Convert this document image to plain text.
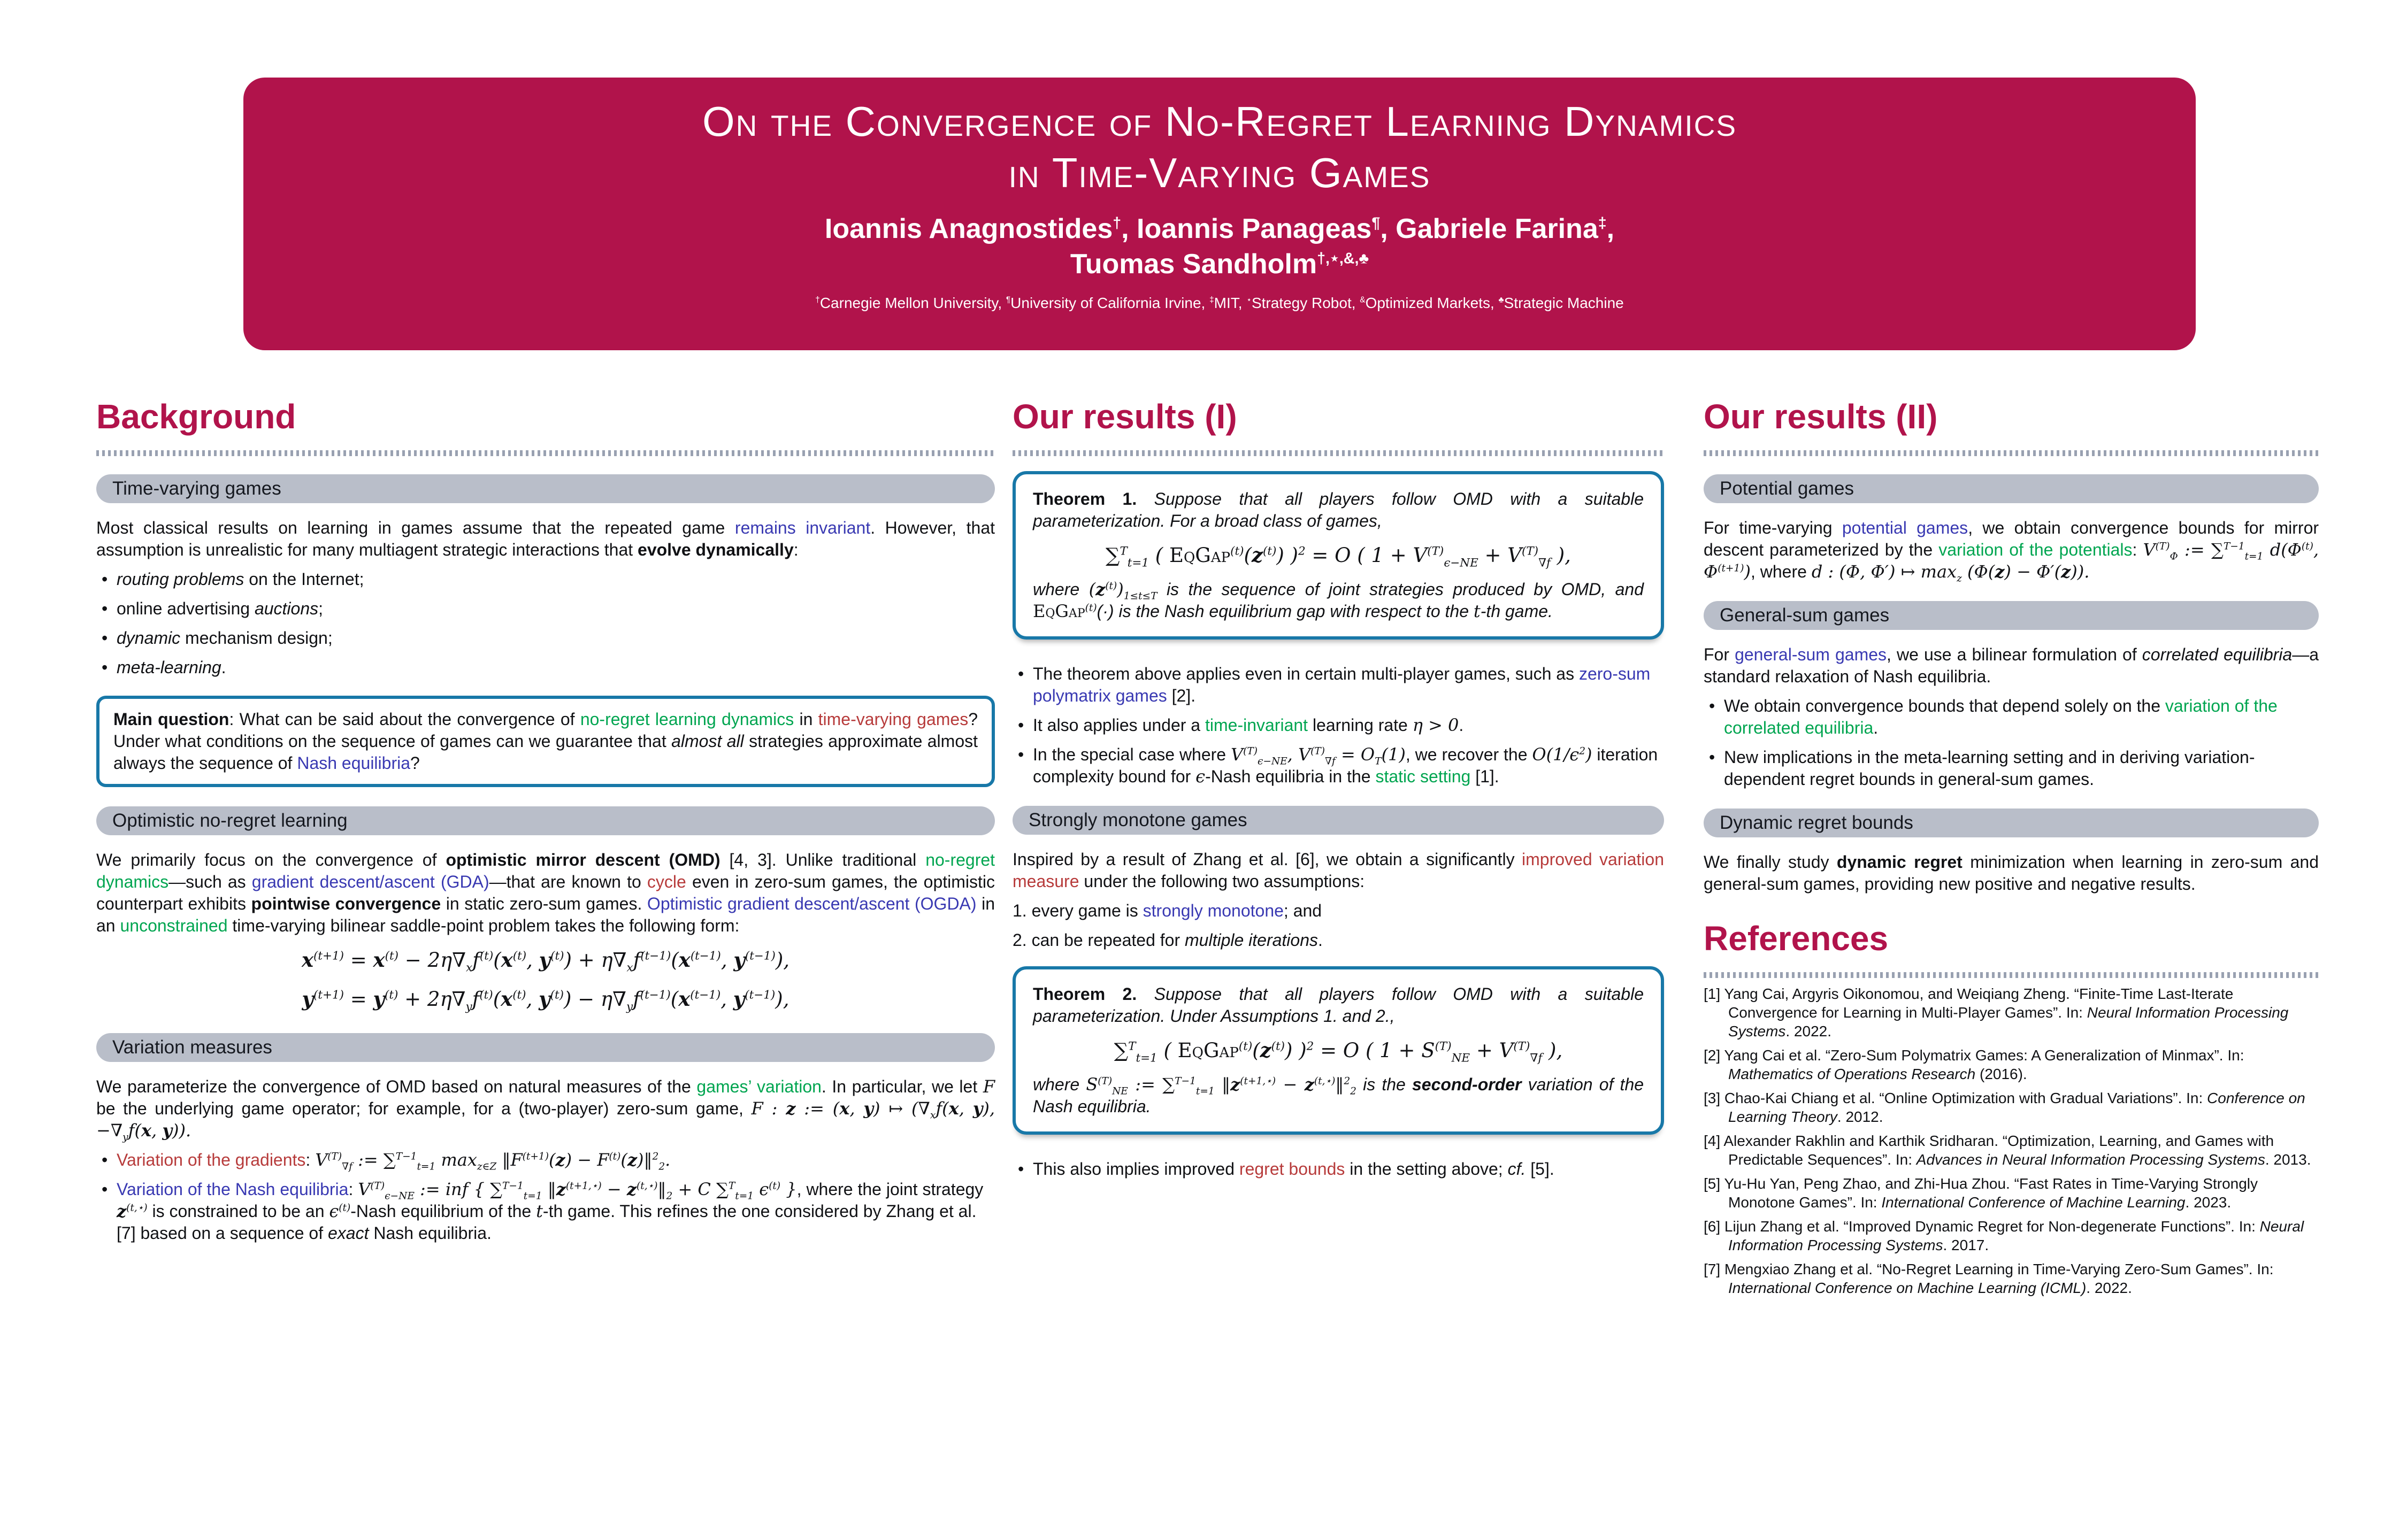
On the Convergence of No-Regret Learning Dynamics
in Time-Varying Games
Ioannis Anagnostides†, Ioannis Panageas¶, Gabriele Farina‡,
Tuomas Sandholm†,⋆,&,♣
†Carnegie Mellon University, ¶University of California Irvine, ‡MIT, ⋆Strategy Robot, &Optimized Markets, ♣Strategic Machine
Background
Time-varying games

Most classical results on learning in games assume that the repeated game remains invariant. However, that assumption is unrealistic for many multiagent strategic interactions that evolve dynamically:

• routing problems on the Internet;
• online advertising auctions;
• dynamic mechanism design;
• meta-learning.

Main question: What can be said about the convergence of no-regret learning dynamics in time-varying games? Under what conditions on the sequence of games can we guarantee that almost all strategies approximate almost always the sequence of Nash equilibria?

Optimistic no-regret learning

We primarily focus on the convergence of optimistic mirror descent (OMD) [4, 3]. Unlike traditional no-regret dynamics—such as gradient descent/ascent (GDA)—that are known to cycle even in zero-sum games, the optimistic counterpart exhibits pointwise convergence in static zero-sum games. Optimistic gradient descent/ascent (OGDA) in an unconstrained time-varying bilinear saddle-point problem takes the following form:

$x^{(t+1)} = x^{(t)} - 2\eta\nabla_xf^{(t)}(x^{(t)}$, $y^{(t)}) + \eta\nabla_xf^{(t-1)}(x^{(t-1)}$, $y^{(t-1)}$),
$y^{(t+1)} = y^{(t)} + 2\eta\nabla_yf^{(t)}(x^{(t)}$, $y^{(t)}) - \eta\nabla_yf^{(t-1)}(x^{(t-1)}$, $y^{(t-1)}$),
Variation measures

We parameterize the convergence of OMD based on natural measures of the games’ variation. In particular, we let F be the underlying game operator; for example, for a (two-player) zero-sum game, F : z := (x, y) ↦ ($\nabla_xf(x$, y), $-\nabla_yf(x$, y)).

• Variation of the gradients: $V^{(T)}_{\nabla f}$ := ∑$^{T-1}_{t=1}$ $\max_{z\in Z}$ $‖F^{(t+1)}(z)$ − $F^{(t)}(z)‖^2_2$.
• Variation of the Nash equilibria: $V^{(T)}_{\epsilon-NE}$ := inf { ∑$^{T-1}_{t=1}$ $‖z^{(t+1,⋆)}$ − $z^{(t,⋆)}‖_2 + C$ ∑$^T_{t=1}$ $\epsilon^{(t)}$ }, where the joint strategy $z^{(t,⋆)}$ is constrained to be an $\epsilon^{(t)}$-Nash equilibrium of the t-th game. This refines the one considered by Zhang et al. [7] based on a sequence of exact Nash equilibria.
Our results (I)

Theorem 1. Suppose that all players follow OMD with a suitable parameterization. For a broad class of games,

∑$^T_{t=1}$ ( $EqGap^{(t)}(z^{(t)}) )^2 = O$ ( $1 + V^{(T)}_{\epsilon-NE} + V^{(T)}_{\nabla f}$ ),

where $(z^{(t)})_{1\le t\le T}$ is the sequence of joint strategies produced by OMD, and EqGap$^{(t)}$(·) is the Nash equilibrium gap with respect to the t-th game.

• The theorem above applies even in certain multi-player games, such as zero-sum polymatrix games [2].
• It also applies under a time-invariant learning rate η > 0.
• In the special case where $V^{(T)}_{\epsilon-NE}$, $V^{(T)}_{\nabla f} = O_T(1)$, we recover the $O(1/\epsilon^2)$ iteration complexity bound for ϵ-Nash equilibria in the static setting [1].
Strongly monotone games

Inspired by a result of Zhang et al. [6], we obtain a significantly improved variation measure under the following two assumptions:

1. every game is strongly monotone; and

2. can be repeated for multiple iterations.

Theorem 2. Suppose that all players follow OMD with a suitable parameterization. Under Assumptions 1. and 2.,

∑$^T_{t=1}$ ( $EqGap^{(t)}(z^{(t)}) )^2 = O$ ( $1 + S^{(T)}_{NE} + V^{(T)}_{\nabla f}$ ),

where $S^{(T)}_{NE}$ := ∑$^{T-1}_{t=1}$ $‖z^{(t+1,⋆)}$ − $z^{(t,⋆)}‖^2_2$ is the second-order variation of the Nash equilibria.

• This also implies improved regret bounds in the setting above; cf. [5].
Our results (II)
Potential games

For time-varying potential games, we obtain convergence bounds for mirror descent parameterized by the variation of the potentials: $V^{(T)}_\Phi$ := ∑$^{T-1}_{t=1}$ $d(\Phi^{(t)}$, $\Phi^{(t+1)}$), where d : (Φ, Φ′) ↦ $\max_z (\Phi(z) - \Phi'(z))$.

General-sum games

For general-sum games, we use a bilinear formulation of correlated equilibria—a standard relaxation of Nash equilibria.

• We obtain convergence bounds that depend solely on the variation of the correlated equilibria.
• New implications in the meta-learning setting and in deriving variation-dependent regret bounds in general-sum games.
Dynamic regret bounds

We finally study dynamic regret minimization when learning in zero-sum and general-sum games, providing new positive and negative results.

References

[1] Yang Cai, Argyris Oikonomou, and Weiqiang Zheng. “Finite-Time Last-Iterate Convergence for Learning in Multi-Player Games”. In: Neural Information Processing Systems. 2022.

[2] Yang Cai et al. “Zero-Sum Polymatrix Games: A Generalization of Minmax”. In: Mathematics of Operations Research (2016).

[3] Chao-Kai Chiang et al. “Online Optimization with Gradual Variations”. In: Conference on Learning Theory. 2012.

[4] Alexander Rakhlin and Karthik Sridharan. “Optimization, Learning, and Games with Predictable Sequences”. In: Advances in Neural Information Processing Systems. 2013.

[5] Yu-Hu Yan, Peng Zhao, and Zhi-Hua Zhou. “Fast Rates in Time-Varying Strongly Monotone Games”. In: International Conference of Machine Learning. 2023.

[6] Lijun Zhang et al. “Improved Dynamic Regret for Non-degenerate Functions”. In: Neural Information Processing Systems. 2017.

[7] Mengxiao Zhang et al. “No-Regret Learning in Time-Varying Zero-Sum Games”. In: International Conference on Machine Learning (ICML). 2022.
